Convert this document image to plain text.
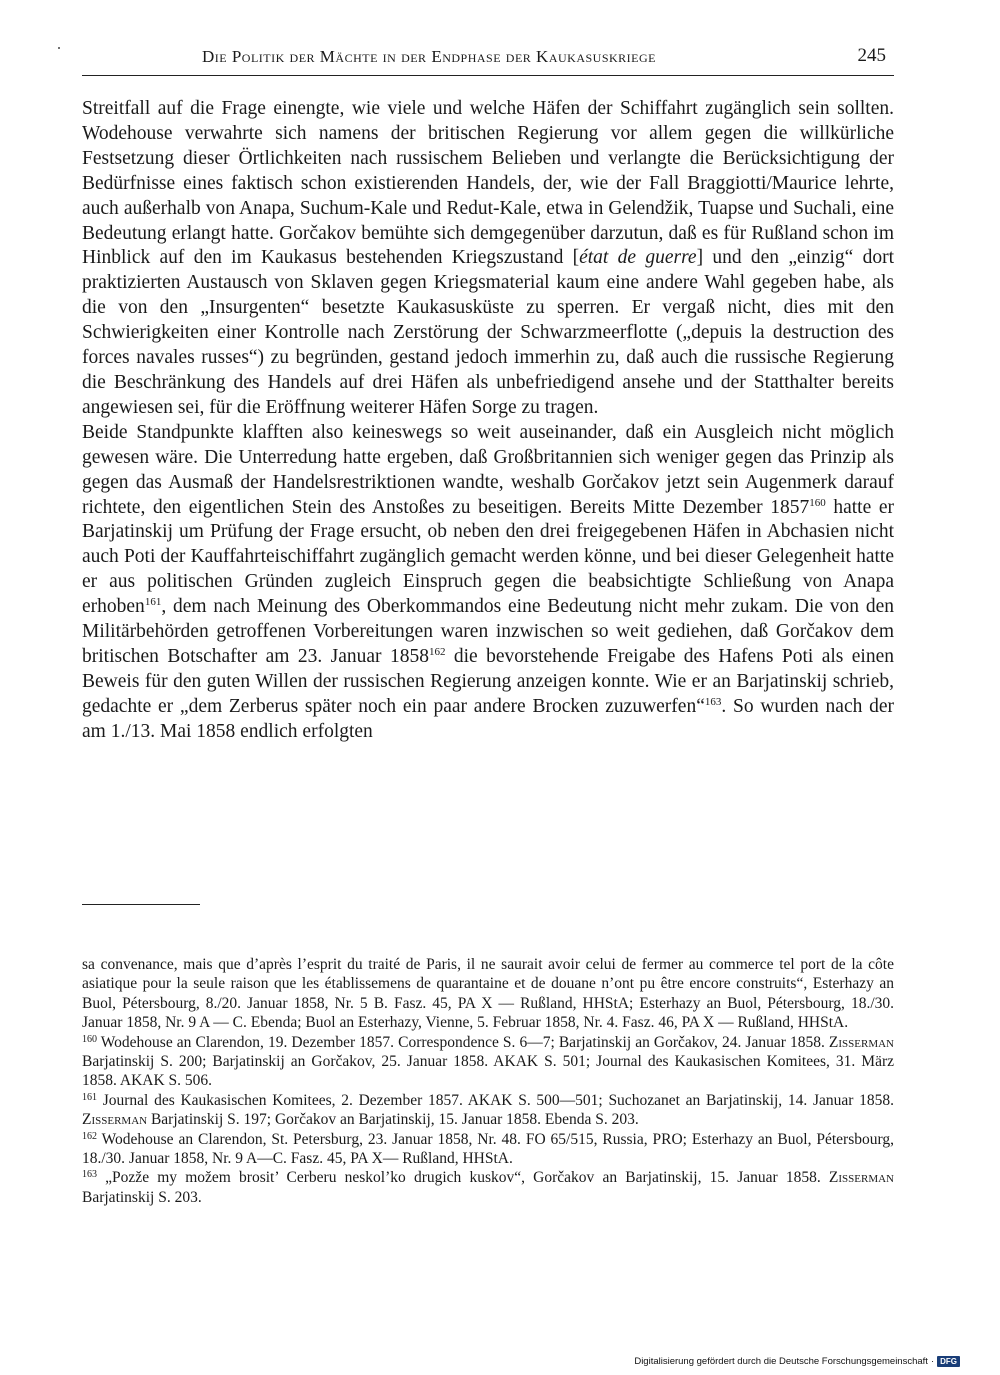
Die Politik der Mächte in der Endphase der Kaukasuskriege	245

Streitfall auf die Frage einengte, wie viele und welche Häfen der Schiffahrt zugänglich sein sollten. Wodehouse verwahrte sich namens der britischen Regierung vor allem gegen die willkürliche Festsetzung dieser Örtlichkeiten nach russischem Belieben und verlangte die Berücksichtigung der Bedürfnisse eines faktisch schon existierenden Handels, der, wie der Fall Braggiotti/Maurice lehrte, auch außerhalb von Anapa, Suchum-Kale und Redut-Kale, etwa in Gelendžik, Tuapse und Suchali, eine Bedeutung erlangt hatte. Gorčakov bemühte sich demgegenüber darzutun, daß es für Rußland schon im Hinblick auf den im Kaukasus bestehenden Kriegszustand [état de guerre] und den „einzig“ dort praktizierten Austausch von Sklaven gegen Kriegsmaterial kaum eine andere Wahl gegeben habe, als die von den „Insurgenten“ besetzte Kaukasusküste zu sperren. Er vergaß nicht, dies mit den Schwierigkeiten einer Kontrolle nach Zerstörung der Schwarzmeerflotte („depuis la destruction des forces navales russes“) zu begründen, gestand jedoch immerhin zu, daß auch die russische Regierung die Beschränkung des Handels auf drei Häfen als unbefriedigend ansehe und der Statthalter bereits angewiesen sei, für die Eröffnung weiterer Häfen Sorge zu tragen.

Beide Standpunkte klafften also keineswegs so weit auseinander, daß ein Ausgleich nicht möglich gewesen wäre. Die Unterredung hatte ergeben, daß Großbritannien sich weniger gegen das Prinzip als gegen das Ausmaß der Handelsrestriktionen wandte, weshalb Gorčakov jetzt sein Augenmerk darauf richtete, den eigentlichen Stein des Anstoßes zu beseitigen. Bereits Mitte Dezember 1857$^{160}$ hatte er Barjatinskij um Prüfung der Frage ersucht, ob neben den drei freigegebenen Häfen in Abchasien nicht auch Poti der Kauffahrteischiffahrt zugänglich gemacht werden könne, und bei dieser Gelegenheit hatte er aus politischen Gründen zugleich Einspruch gegen die beabsichtigte Schließung von Anapa erhoben$^{161}$, dem nach Meinung des Oberkommandos eine Bedeutung nicht mehr zukam. Die von den Militärbehörden getroffenen Vorbereitungen waren inzwischen so weit gediehen, daß Gorčakov dem britischen Botschafter am 23. Januar 1858$^{162}$ die bevorstehende Freigabe des Hafens Poti als einen Beweis für den guten Willen der russischen Regierung anzeigen konnte. Wie er an Barjatinskij schrieb, gedachte er „dem Zerberus später noch ein paar andere Brocken zuzuwerfen“$^{163}$. So wurden nach der am 1./13. Mai 1858 endlich erfolgten

sa convenance, mais que d’après l’esprit du traité de Paris, il ne saurait avoir celui de fermer au commerce tel port de la côte asiatique pour la seule raison que les établissemens de quarantaine et de douane n’ont pu être encore construits“, Esterhazy an Buol, Pétersbourg, 8./20. Januar 1858, Nr. 5 B. Fasz. 45, PA X — Rußland, HHStA; Esterhazy an Buol, Pétersbourg, 18./30. Januar 1858, Nr. 9 A — C. Ebenda; Buol an Esterhazy, Vienne, 5. Februar 1858, Nr. 4. Fasz. 46, PA X — Rußland, HHStA.

$^{160}$ Wodehouse an Clarendon, 19. Dezember 1857. Correspondence S. 6—7; Barjatinskij an Gorčakov, 24. Januar 1858. Zisserman Barjatinskij S. 200; Barjatinskij an Gorčakov, 25. Januar 1858. AKAK S. 501; Journal des Kaukasischen Komitees, 31. März 1858. AKAK S. 506.

$^{161}$ Journal des Kaukasischen Komitees, 2. Dezember 1857. AKAK S. 500—501; Suchozanet an Barjatinskij, 14. Januar 1858. Zisserman Barjatinskij S. 197; Gorčakov an Barjatinskij, 15. Januar 1858. Ebenda S. 203.

$^{162}$ Wodehouse an Clarendon, St. Petersburg, 23. Januar 1858, Nr. 48. FO 65/515, Russia, PRO; Esterhazy an Buol, Pétersbourg, 18./30. Januar 1858, Nr. 9 A—C. Fasz. 45, PA X— Rußland, HHStA.

$^{163}$ „Pozže my možem brosit’ Cerberu neskol’ko drugich kuskov“, Gorčakov an Barjatinskij, 15. Januar 1858. Zisserman Barjatinskij S. 203.

Digitalisierung gefördert durch die Deutsche Forschungsgemeinschaft · DFG
